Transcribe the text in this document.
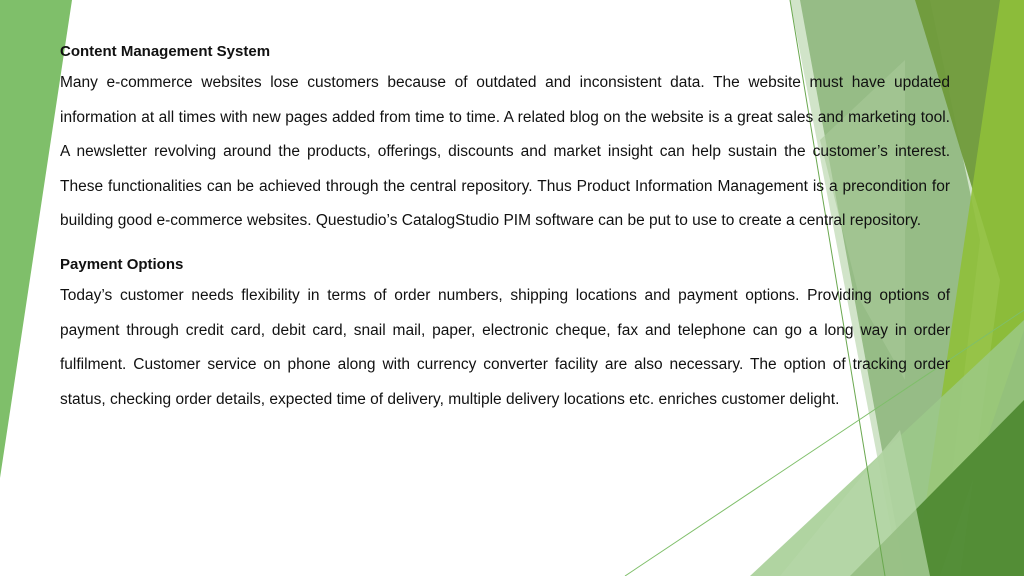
Content Management System

Many e-commerce websites lose customers because of outdated and inconsistent data. The website must have updated information at all times with new pages added from time to time. A related blog on the website is a great sales and marketing tool. A newsletter revolving around the products, offerings, discounts and market insight can help sustain the customer’s interest. These functionalities can be achieved through the central repository. Thus Product Information Management is a precondition for building good e-commerce websites. Questudio’s CatalogStudio PIM software can be put to use to create a central repository.

Payment Options

Today’s customer needs flexibility in terms of order numbers, shipping locations and payment options. Providing options of payment through credit card, debit card, snail mail, paper, electronic cheque, fax and telephone can go a long way in order fulfilment. Customer service on phone along with currency converter facility are also necessary. The option of tracking order status, checking order details, expected time of delivery, multiple delivery locations etc. enriches customer delight.
